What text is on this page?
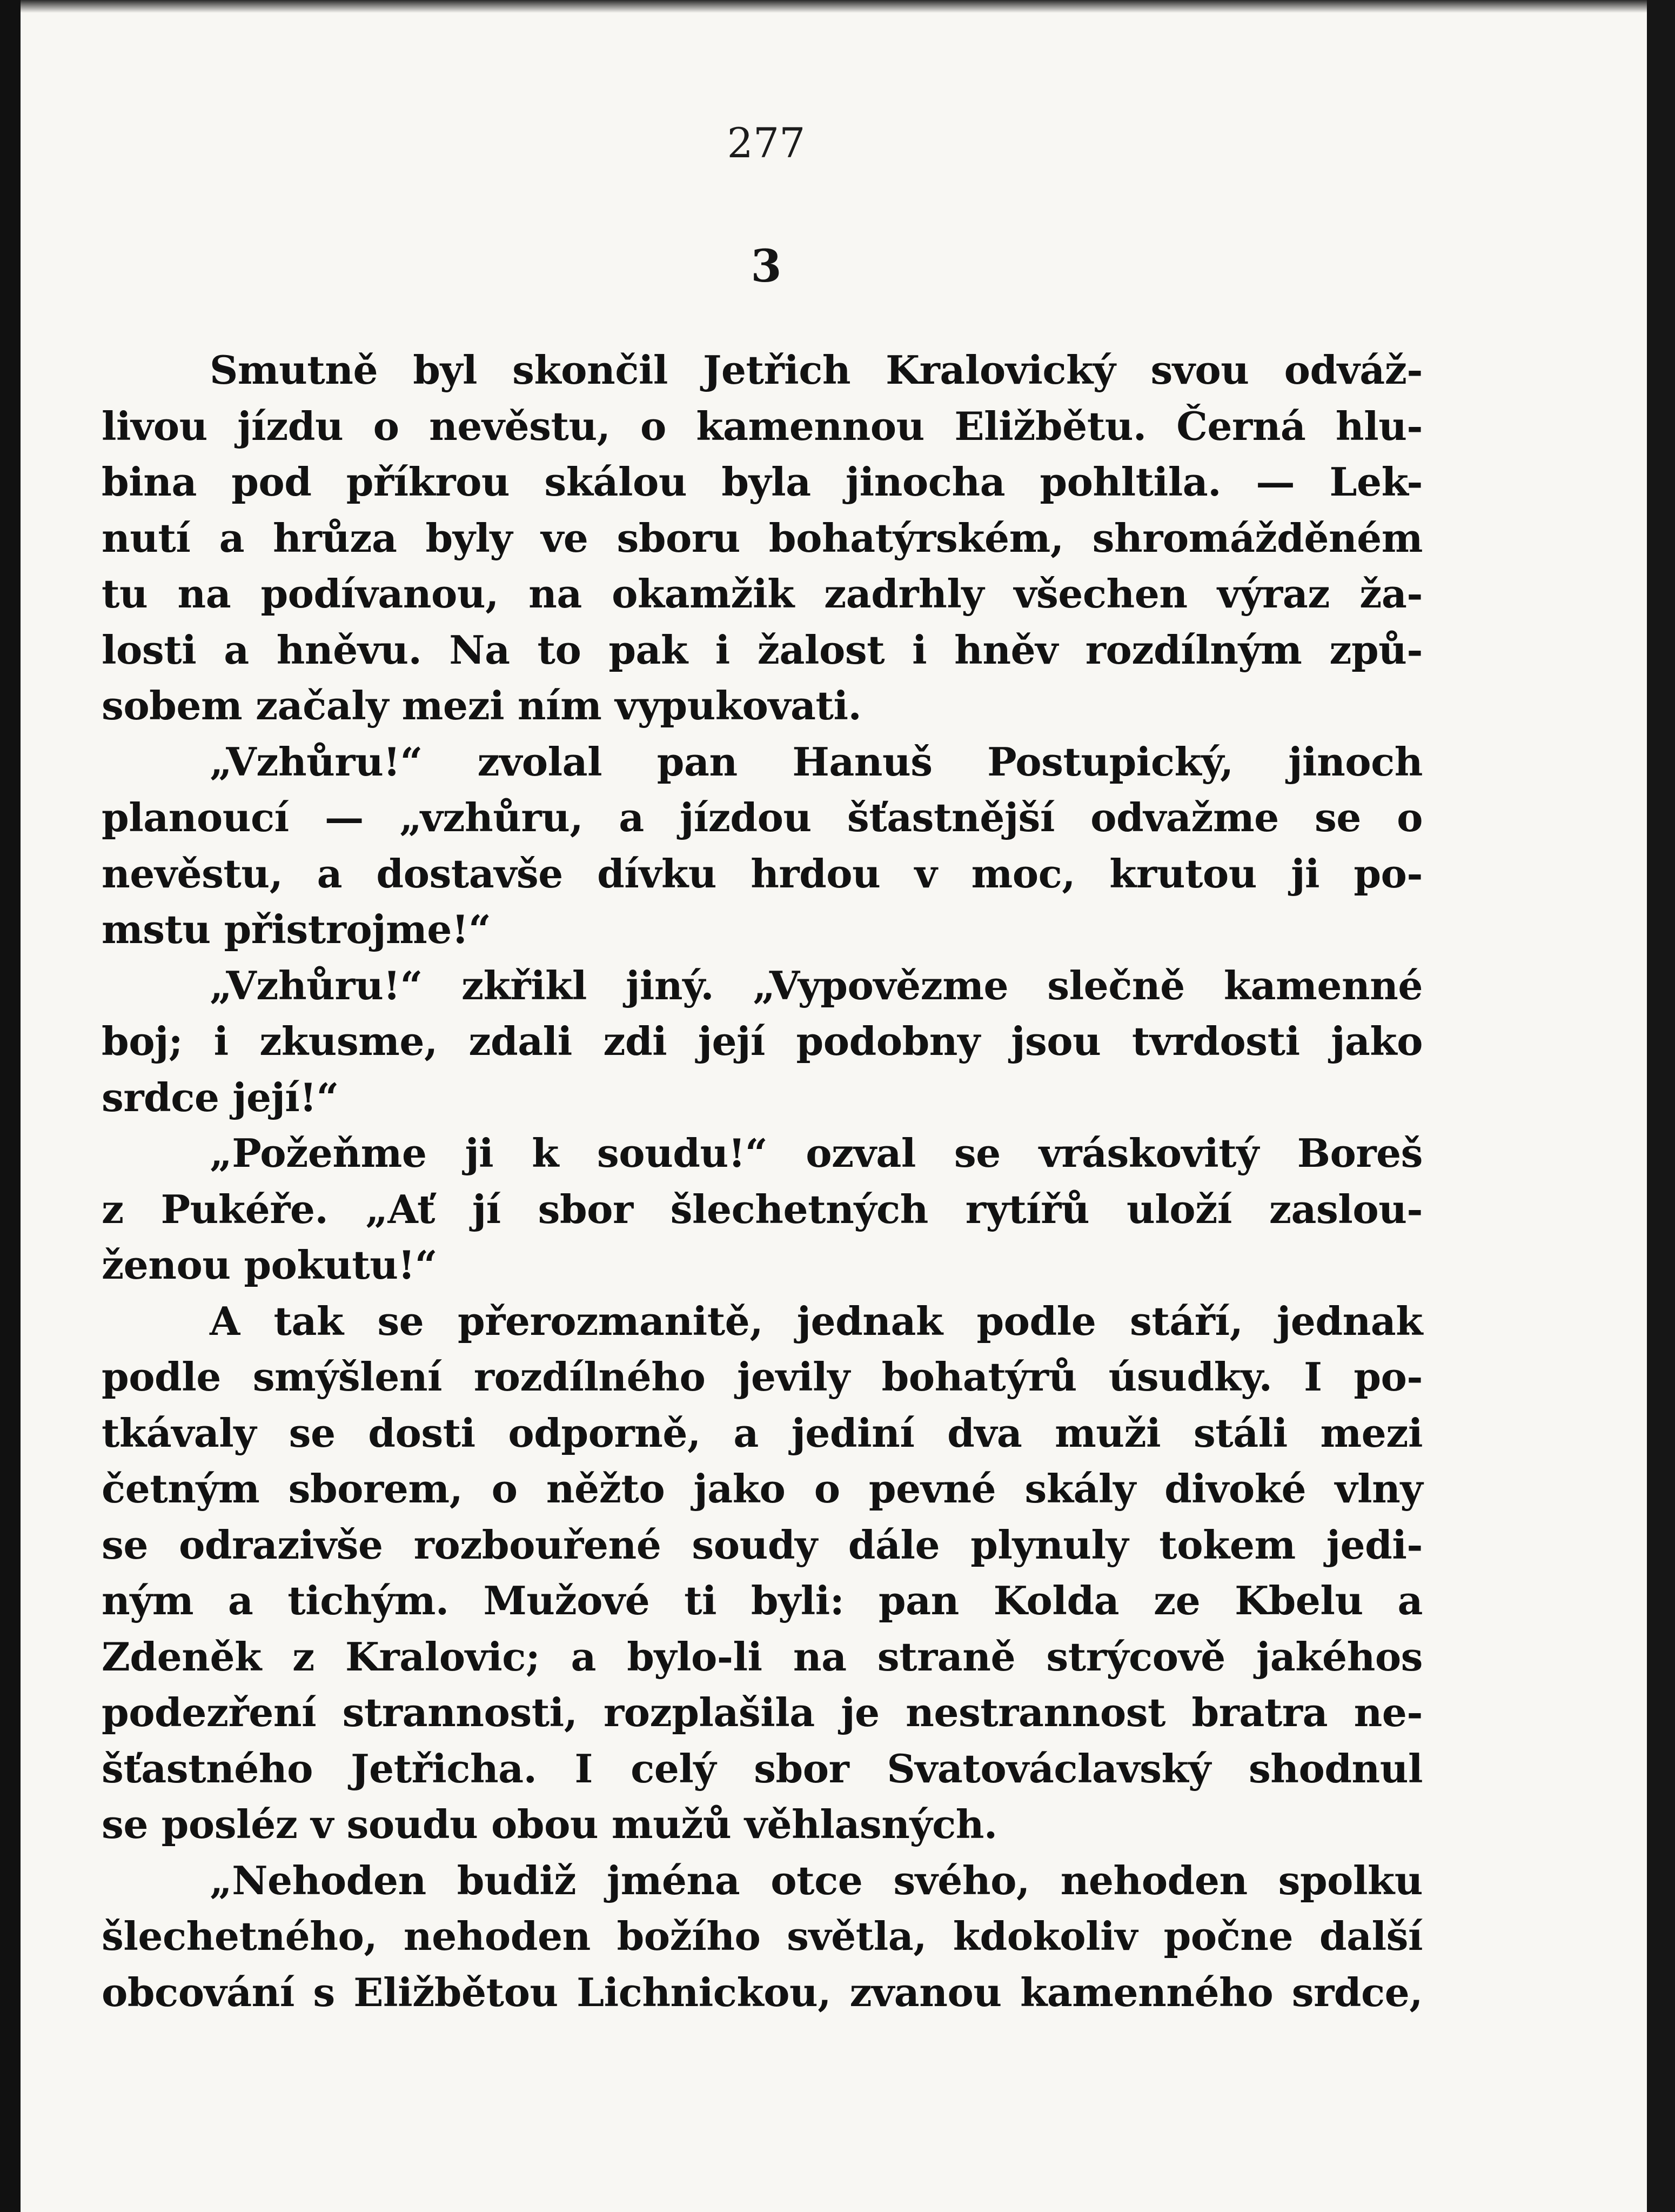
277
3
Smutně byl skončil Jetřich Kralovický svou odváž-
livou jízdu o nevěstu, o kamennou Eližbětu. Černá hlu-
bina pod příkrou skálou byla jinocha pohltila. — Lek-
nutí a hrůza byly ve sboru bohatýrském, shromážděném
tu na podívanou, na okamžik zadrhly všechen výraz ža-
losti a hněvu. Na to pak i žalost i hněv rozdílným způ-
sobem začaly mezi ním vypukovati.
„Vzhůru!“ zvolal pan Hanuš Postupický, jinoch
planoucí — „vzhůru, a jízdou šťastnější odvažme se o
nevěstu, a dostavše dívku hrdou v moc, krutou ji po-
mstu přistrojme!“
„Vzhůru!“ zkřikl jiný. „Vypovězme slečně kamenné
boj; i zkusme, zdali zdi její podobny jsou tvrdosti jako
srdce její!“
„Požeňme ji k soudu!“ ozval se vráskovitý Boreš
z Pukéře. „Ať jí sbor šlechetných rytířů uloží zaslou-
ženou pokutu!“
A tak se přerozmanitě, jednak podle stáří, jednak
podle smýšlení rozdílného jevily bohatýrů úsudky. I po-
tkávaly se dosti odporně, a jediní dva muži stáli mezi
četným sborem, o něžto jako o pevné skály divoké vlny
se odrazivše rozbouřené soudy dále plynuly tokem jedi-
ným a tichým. Mužové ti byli: pan Kolda ze Kbelu a
Zdeněk z Kralovic; a bylo-li na straně strýcově jakéhos
podezření strannosti, rozplašila je nestrannost bratra ne-
šťastného Jetřicha. I celý sbor Svatováclavský shodnul
se posléz v soudu obou mužů věhlasných.
„Nehoden budiž jména otce svého, nehoden spolku
šlechetného, nehoden božího světla, kdokoliv počne další
obcování s Eližbětou Lichnickou, zvanou kamenného srdce,
